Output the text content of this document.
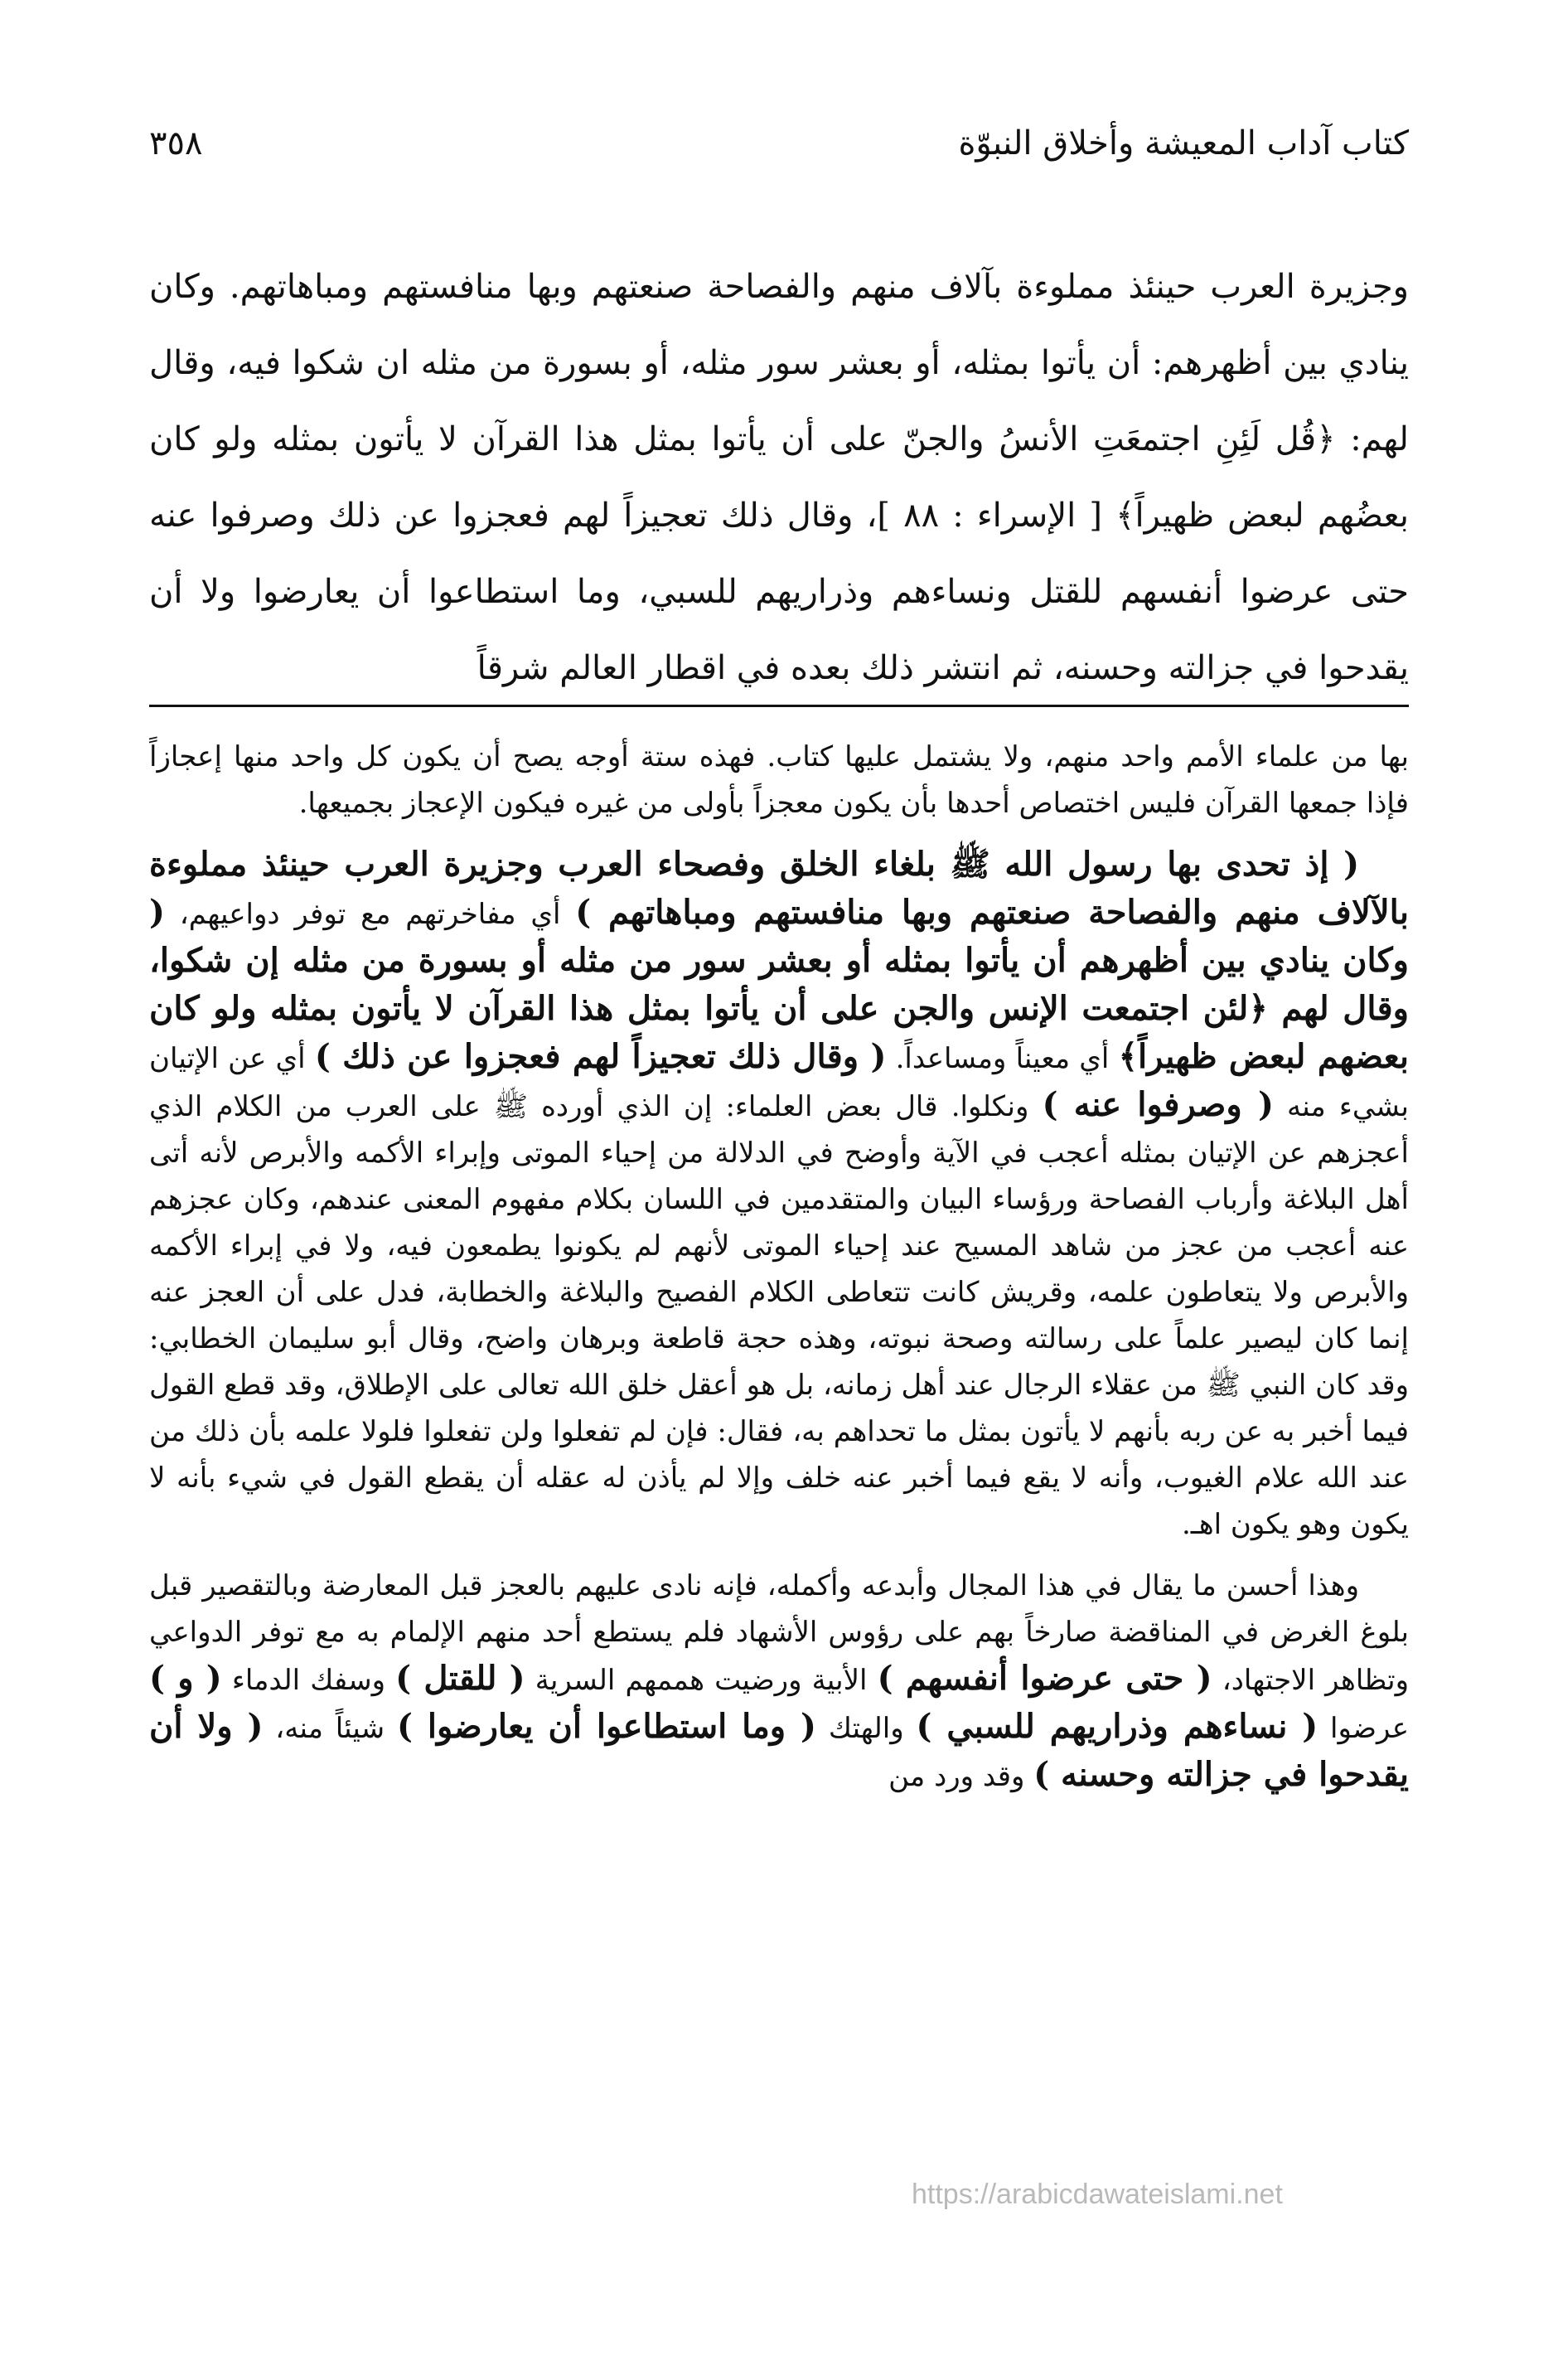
كتاب آداب المعيشة وأخلاق النبوّة
٣٥٨
وجزيرة العرب حينئذ مملوءة بآلاف منهم والفصاحة صنعتهم وبها منافستهم ومباهاتهم. وكان ينادي بين أظهرهم: أن يأتوا بمثله، أو بعشر سور مثله، أو بسورة من مثله ان شكوا فيه، وقال لهم: ﴿قُل لَئِنِ اجتمعَتِ الأنسُ والجنّ على أن يأتوا بمثل هذا القرآن لا يأتون بمثله ولو كان بعضُهم لبعض ظهيراً﴾ [ الإسراء : ٨٨ ]، وقال ذلك تعجيزاً لهم فعجزوا عن ذلك وصرفوا عنه حتى عرضوا أنفسهم للقتل ونساءهم وذراريهم للسبي، وما استطاعوا أن يعارضوا ولا أن يقدحوا في جزالته وحسنه، ثم انتشر ذلك بعده في اقطار العالم شرقاً

بها من علماء الأمم واحد منهم، ولا يشتمل عليها كتاب. فهذه ستة أوجه يصح أن يكون كل واحد منها إعجازاً فإذا جمعها القرآن فليس اختصاص أحدها بأن يكون معجزاً بأولى من غيره فيكون الإعجاز بجميعها.

( إذ تحدى بها رسول الله ﷺ بلغاء الخلق وفصحاء العرب وجزيرة العرب حينئذ مملوءة بالآلاف منهم والفصاحة صنعتهم وبها منافستهم ومباهاتهم ) أي مفاخرتهم مع توفر دواعيهم، ( وكان ينادي بين أظهرهم أن يأتوا بمثله أو بعشر سور من مثله أو بسورة من مثله إن شكوا، وقال لهم ﴿لئن اجتمعت الإنس والجن على أن يأتوا بمثل هذا القرآن لا يأتون بمثله ولو كان بعضهم لبعض ظهيراً﴾ أي معيناً ومساعداً. ( وقال ذلك تعجيزاً لهم فعجزوا عن ذلك ) أي عن الإتيان بشيء منه ( وصرفوا عنه ) ونكلوا. قال بعض العلماء: إن الذي أورده ﷺ على العرب من الكلام الذي أعجزهم عن الإتيان بمثله أعجب في الآية وأوضح في الدلالة من إحياء الموتى وإبراء الأكمه والأبرص لأنه أتى أهل البلاغة وأرباب الفصاحة ورؤساء البيان والمتقدمين في اللسان بكلام مفهوم المعنى عندهم، وكان عجزهم عنه أعجب من عجز من شاهد المسيح عند إحياء الموتى لأنهم لم يكونوا يطمعون فيه، ولا في إبراء الأكمه والأبرص ولا يتعاطون علمه، وقريش كانت تتعاطى الكلام الفصيح والبلاغة والخطابة، فدل على أن العجز عنه إنما كان ليصير علماً على رسالته وصحة نبوته، وهذه حجة قاطعة وبرهان واضح، وقال أبو سليمان الخطابي: وقد كان النبي ﷺ من عقلاء الرجال عند أهل زمانه، بل هو أعقل خلق الله تعالى على الإطلاق، وقد قطع القول فيما أخبر به عن ربه بأنهم لا يأتون بمثل ما تحداهم به، فقال: فإن لم تفعلوا ولن تفعلوا فلولا علمه بأن ذلك من عند الله علام الغيوب، وأنه لا يقع فيما أخبر عنه خلف وإلا لم يأذن له عقله أن يقطع القول في شيء بأنه لا يكون وهو يكون اهـ.

وهذا أحسن ما يقال في هذا المجال وأبدعه وأكمله، فإنه نادى عليهم بالعجز قبل المعارضة وبالتقصير قبل بلوغ الغرض في المناقضة صارخاً بهم على رؤوس الأشهاد فلم يستطع أحد منهم الإلمام به مع توفر الدواعي وتظاهر الاجتهاد، ( حتى عرضوا أنفسهم ) الأبية ورضيت هممهم السرية ( للقتل ) وسفك الدماء ( و ) عرضوا ( نساءهم وذراريهم للسبي ) والهتك ( وما استطاعوا أن يعارضوا ) شيئاً منه، ( ولا أن يقدحوا في جزالته وحسنه ) وقد ورد من

https://arabicdawateislami.net
